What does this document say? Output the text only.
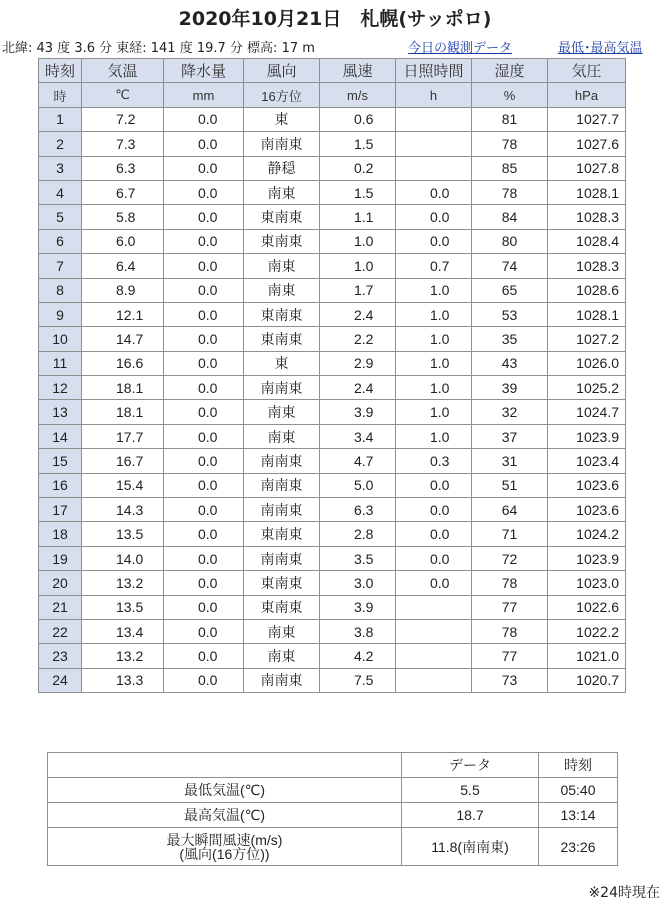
2020年10月21日　札幌(サッポロ)
北緯: 43 度 3.6 分 東経: 141 度 19.7 分 標高: 17 m	今日の観測データ	最低･最高気温
時刻	気温	降水量	風向	風速	日照時間	湿度	気圧
時	℃	mm	16方位	m/s	h	%	hPa
1	7.2	0.0	東	0.6		81	1027.7
2	7.3	0.0	南南東	1.5		78	1027.6
3	6.3	0.0	静穏	0.2		85	1027.8
4	6.7	0.0	南東	1.5	0.0	78	1028.1
5	5.8	0.0	東南東	1.1	0.0	84	1028.3
6	6.0	0.0	東南東	1.0	0.0	80	1028.4
7	6.4	0.0	南東	1.0	0.7	74	1028.3
8	8.9	0.0	南東	1.7	1.0	65	1028.6
9	12.1	0.0	東南東	2.4	1.0	53	1028.1
10	14.7	0.0	東南東	2.2	1.0	35	1027.2
11	16.6	0.0	東	2.9	1.0	43	1026.0
12	18.1	0.0	南南東	2.4	1.0	39	1025.2
13	18.1	0.0	南東	3.9	1.0	32	1024.7
14	17.7	0.0	南東	3.4	1.0	37	1023.9
15	16.7	0.0	南南東	4.7	0.3	31	1023.4
16	15.4	0.0	南南東	5.0	0.0	51	1023.6
17	14.3	0.0	南南東	6.3	0.0	64	1023.6
18	13.5	0.0	東南東	2.8	0.0	71	1024.2
19	14.0	0.0	南南東	3.5	0.0	72	1023.9
20	13.2	0.0	東南東	3.0	0.0	78	1023.0
21	13.5	0.0	東南東	3.9		77	1022.6
22	13.4	0.0	南東	3.8		78	1022.2
23	13.2	0.0	南東	4.2		77	1021.0
24	13.3	0.0	南南東	7.5		73	1020.7
	データ	時刻
最低気温(℃)	5.5	05:40
最高気温(℃)	18.7	13:14
最大瞬間風速(m/s)
(風向(16方位))	11.8(南南東)	23:26
※24時現在
